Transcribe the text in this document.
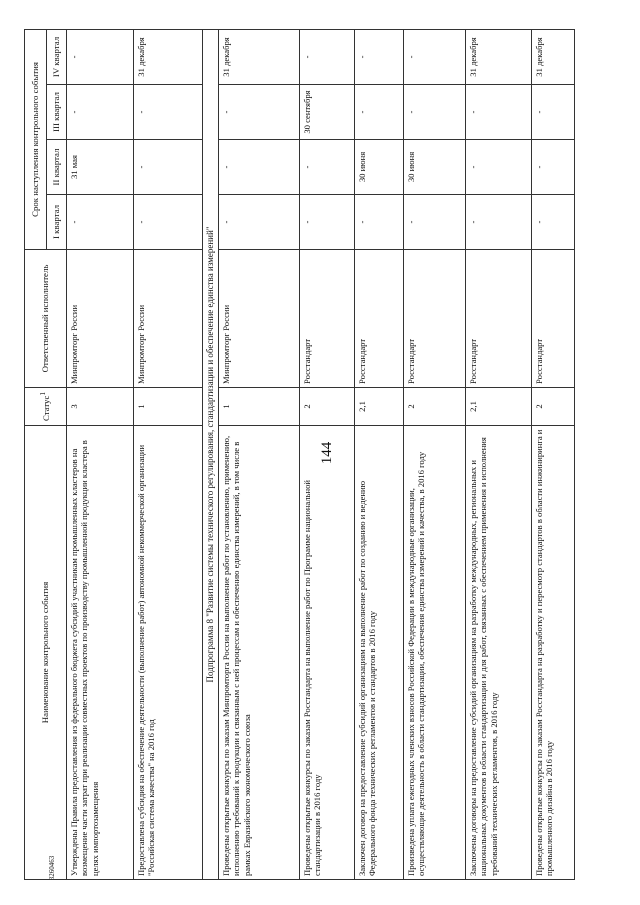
144
3260463
Наименование контрольного события	Статус$^1$	Ответственный исполнитель	Срок наступления контрольного события			
			I квартал	II квартал	III квартал	IV квартал
Утверждены Правила предоставления из федерального бюджета субсидий участникам промышленных кластеров на возмещение части затрат при реализации совместных проектов по производству промышленной продукции кластера в целях импортозамещения	3	Минпромторг России	-	31 мая	-	-
Предоставлена субсидия на обеспечение деятельности (выполнение работ) автономной некоммерческой организации "Российская система качества" на 2016 год	1	Минпромторг России	-	-	-	31 декабря
Подпрограмма 8 "Развитие системы технического регулирования, стандартизации и обеспечение единства измерений"						
Проведены открытые конкурсы по заказам Минпромторга России на выполнение работ по установлению, применению, исполнению требований к продукции и связанным с ней процессам и обеспечению единства измерений, в том числе в рамках Евразийского экономического союза	1	Минпромторг России	-	-	-	31 декабря
Проведены открытые конкурсы по заказам Росстандарта на выполнение работ по Программе национальной стандартизации в 2016 году	2	Росстандарт	-	-	30 сентября	-
Заключен договор на предоставление субсидий организациям на выполнение работ по созданию и ведению Федерального фонда технических регламентов и стандартов в 2016 году	2,1	Росстандарт	-	30 июня	-	-
Произведена уплата ежегодных членских взносов Российской Федерации в международные организации, осуществляющие деятельность в области стандартизации, обеспечения единства измерений и качества, в 2016 году	2	Росстандарт	-	30 июня	-	-
Заключены договоры на предоставление субсидий организациям на разработку международных, региональных и национальных документов в области стандартизации и для работ, связанных с обеспечением применения и исполнения требований технических регламентов, в 2016 году	2,1	Росстандарт	-	-	-	31 декабря
Проведены открытые конкурсы по заказам Росстандарта на разработку и пересмотр стандартов в области инжиниринга и промышленного дизайна в 2016 году	2	Росстандарт	-	-	-	31 декабря
